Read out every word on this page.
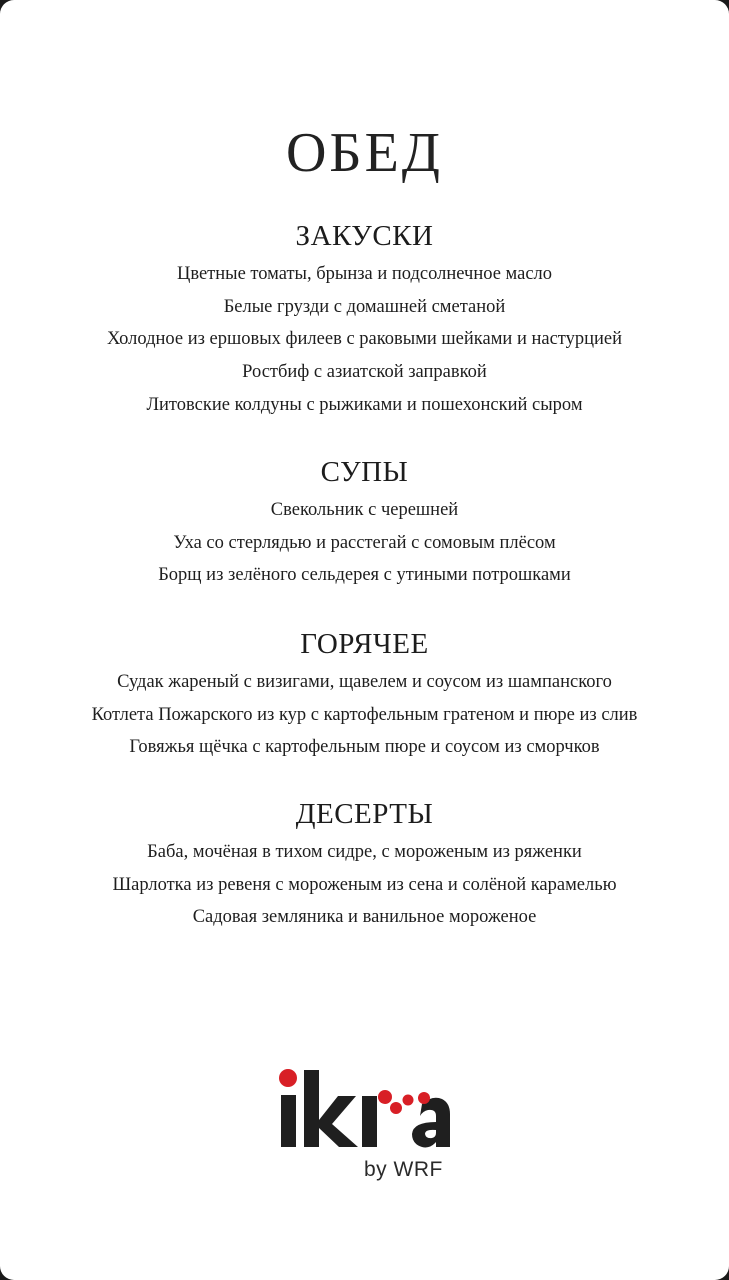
ОБЕД
ЗАКУСКИ
Цветные томаты, брынза и подсолнечное масло
Белые грузди с домашней сметаной
Холодное из ершовых филеев с раковыми шейками и настурцией
Ростбиф с азиатской заправкой
Литовские колдуны с рыжиками и пошехонский сыром
СУПЫ
Свекольник с черешней
Уха со стерлядью и расстегай с сомовым плёсом
Борщ из зелёного сельдерея с утиными потрошками
ГОРЯЧЕЕ
Судак жареный с визигами, щавелем и соусом из шампанского
Котлета Пожарского из кур с картофельным гратеном и пюре из слив
Говяжья щёчка с картофельным пюре и соусом из сморчков
ДЕСЕРТЫ
Баба, мочёная в тихом сидре, с мороженым из ряженки
Шарлотка из ревеня с мороженым из сена и солёной карамелью
Садовая земляника и ванильное мороженое
by WRF
